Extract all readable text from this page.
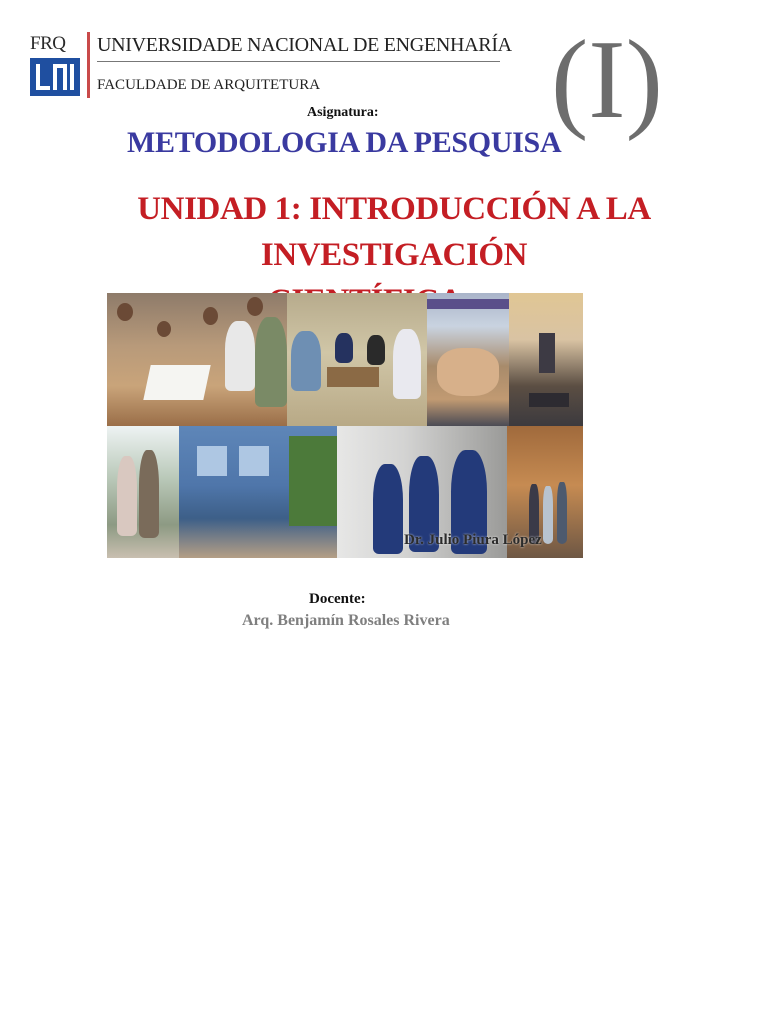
FRQ UNIVERSIDADE NACIONAL DE ENGENHARÍA
FACULDADE DE ARQUITETURA (I)
Asignatura:
METODOLOGIA DA PESQUISA
UNIDAD 1: INTRODUCCIÓN A LA INVESTIGACIÓN
Dr. Julio Piura López
Docente:
Arq. Benjamín Rosales Rivera
